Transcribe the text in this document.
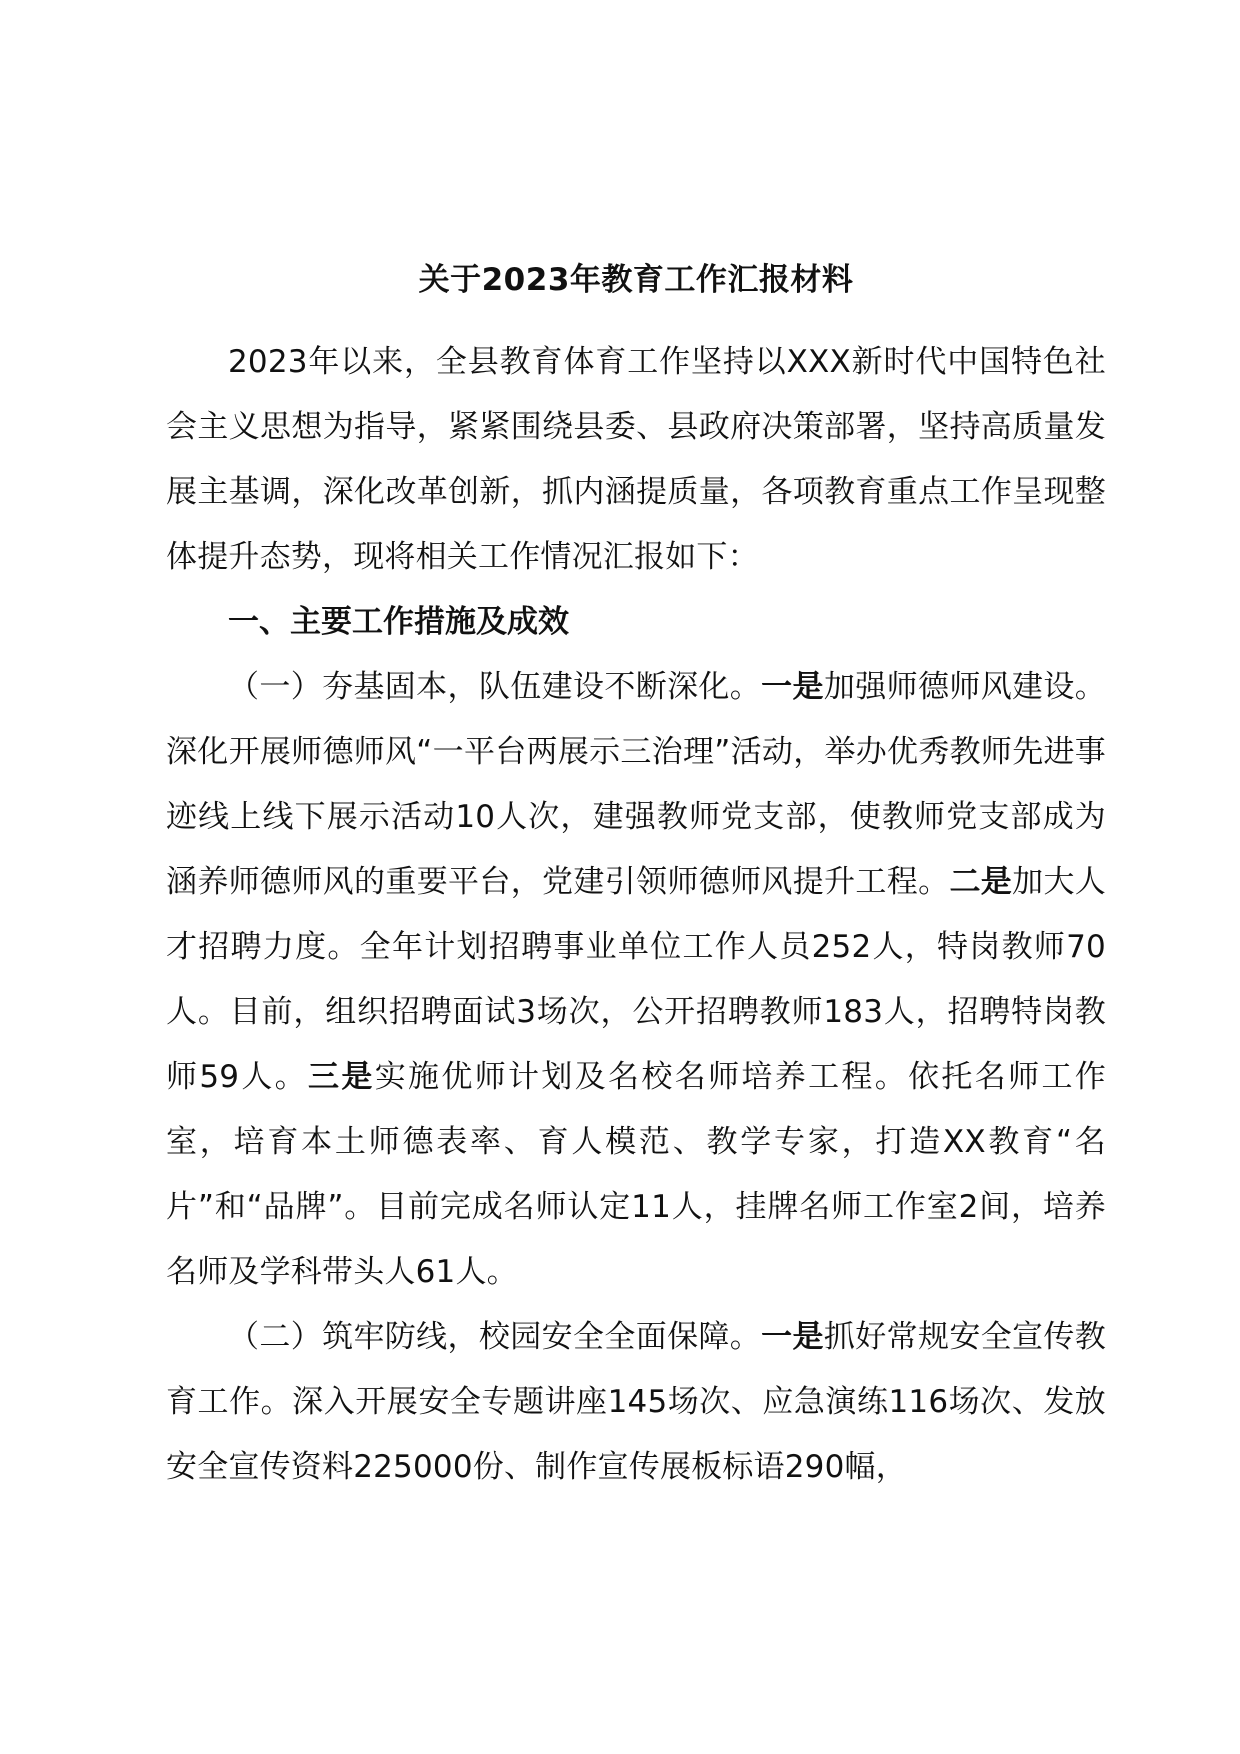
关于2023年教育工作汇报材料

2023年以来，全县教育体育工作坚持以XXX新时代中国特色社会主义思想为指导，紧紧围绕县委、县政府决策部署，坚持高质量发展主基调，深化改革创新，抓内涵提质量，各项教育重点工作呈现整体提升态势，现将相关工作情况汇报如下：

一、主要工作措施及成效

（一）夯基固本，队伍建设不断深化。一是加强师德师风建设。深化开展师德师风“一平台两展示三治理”活动，举办优秀教师先进事迹线上线下展示活动10人次，建强教师党支部，使教师党支部成为涵养师德师风的重要平台，党建引领师德师风提升工程。二是加大人才招聘力度。全年计划招聘事业单位工作人员252人，特岗教师70人。目前，组织招聘面试3场次，公开招聘教师183人，招聘特岗教师59人。三是实施优师计划及名校名师培养工程。依托名师工作室，培育本土师德表率、育人模范、教学专家，打造XX教育“名片”和“品牌”。目前完成名师认定11人，挂牌名师工作室2间，培养名师及学科带头人61人。

（二）筑牢防线，校园安全全面保障。一是抓好常规安全宣传教育工作。深入开展安全专题讲座145场次、应急演练116场次、发放安全宣传资料225000份、制作宣传展板标语290幅，
